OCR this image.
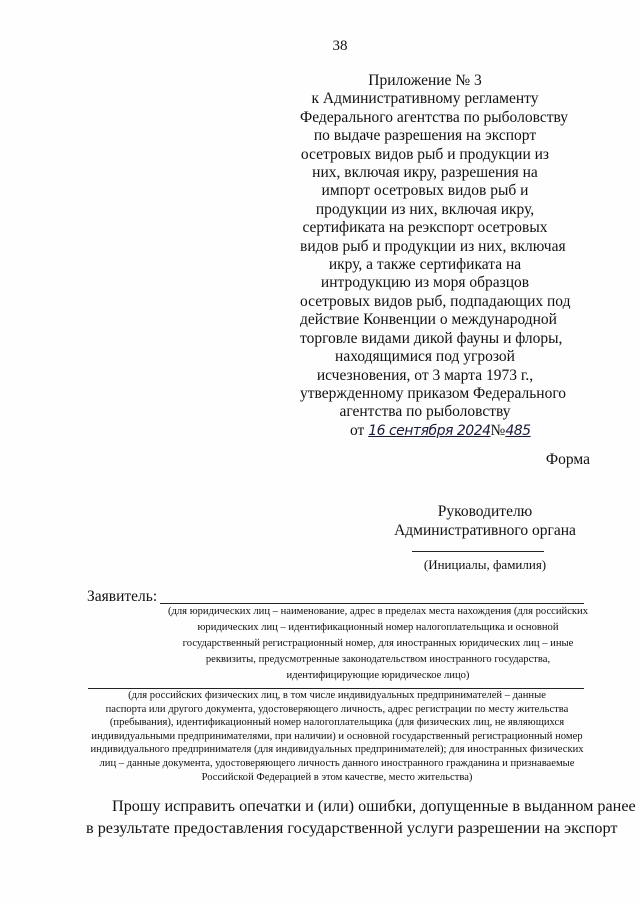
38
Приложение № 3
к Административному регламенту
Федерального агентства по рыболовству
по выдаче разрешения на экспорт
осетровых видов рыб и продукции из
них, включая икру, разрешения на
импорт осетровых видов рыб и
продукции из них, включая икру,
сертификата на реэкспорт осетровых
видов рыб и продукции из них, включая
икру, а также сертификата на
интродукцию из моря образцов
осетровых видов рыб, подпадающих под
действие Конвенции о международной
торговле видами дикой фауны и флоры,
находящимися под угрозой
исчезновения, от 3 марта 1973 г.,
утвержденному приказом Федерального
агентства по рыболовству
от 16 сентября 2024№485
Форма
Руководителю
Административного органа
(Инициалы, фамилия)
Заявитель:
(для юридических лиц – наименование, адрес в пределах места нахождения (для российских
юридических лиц – идентификационный номер налогоплательщика и основной
государственный регистрационный номер, для иностранных юридических лиц – иные
реквизиты, предусмотренные законодательством иностранного государства,
идентифицирующие юридическое лицо)
(для российских физических лиц, в том числе индивидуальных предпринимателей – данные
паспорта или другого документа, удостоверяющего личность, адрес регистрации по месту жительства
(пребывания), идентификационный номер налогоплательщика (для физических лиц, не являющихся
индивидуальными предпринимателями, при наличии) и основной государственный регистрационный номер
индивидуального предпринимателя (для индивидуальных предпринимателей); для иностранных физических
лиц – данные документа, удостоверяющего личность данного иностранного гражданина и признаваемые
Российской Федерацией в этом качестве, место жительства)
Прошу исправить опечатки и (или) ошибки, допущенные в выданном ранее
в результате предоставления государственной услуги разрешении на экспорт
